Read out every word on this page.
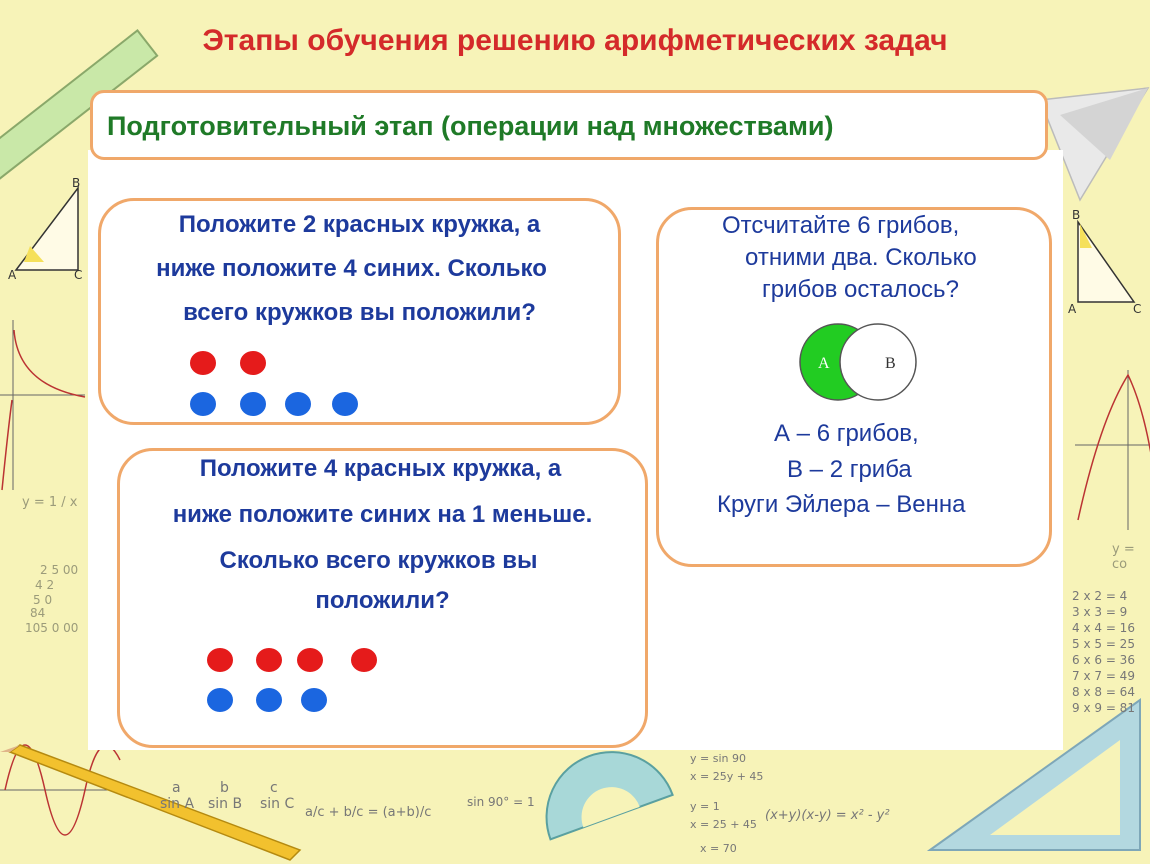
y = 1 / x
2 5 00
4 2
5 0
84
105 0 00
a
sin A
b
sin B
c
sin C
a/c + b/c = (a+b)/c
sin 90° = 1
y = sin 90
x = 25y + 45
y = 1
x = 25 + 45
x = 70
(x+y)(x-y) = x² - y²
y = co
2 x 2 = 4
3 x 3 = 9
4 x 4 = 16
5 x 5 = 25
6 x 6 = 36
7 x 7 = 49
8 x 8 = 64
9 x 9 = 81
A
B
C
A
B
C
Этапы обучения решению арифметических задач
Подготовительный этап (операции над множествами)
Положите 2 красных кружка, а
ниже положите 4 синих. Сколько
всего кружков вы положили?
Положите 4 красных кружка, а
ниже положите синих на 1 меньше.
Сколько всего кружков вы
положили?
Отсчитайте 6 грибов,
отними два. Сколько
грибов осталось?
A	B
А – 6 грибов,
В – 2 гриба
Круги Эйлера – Венна
